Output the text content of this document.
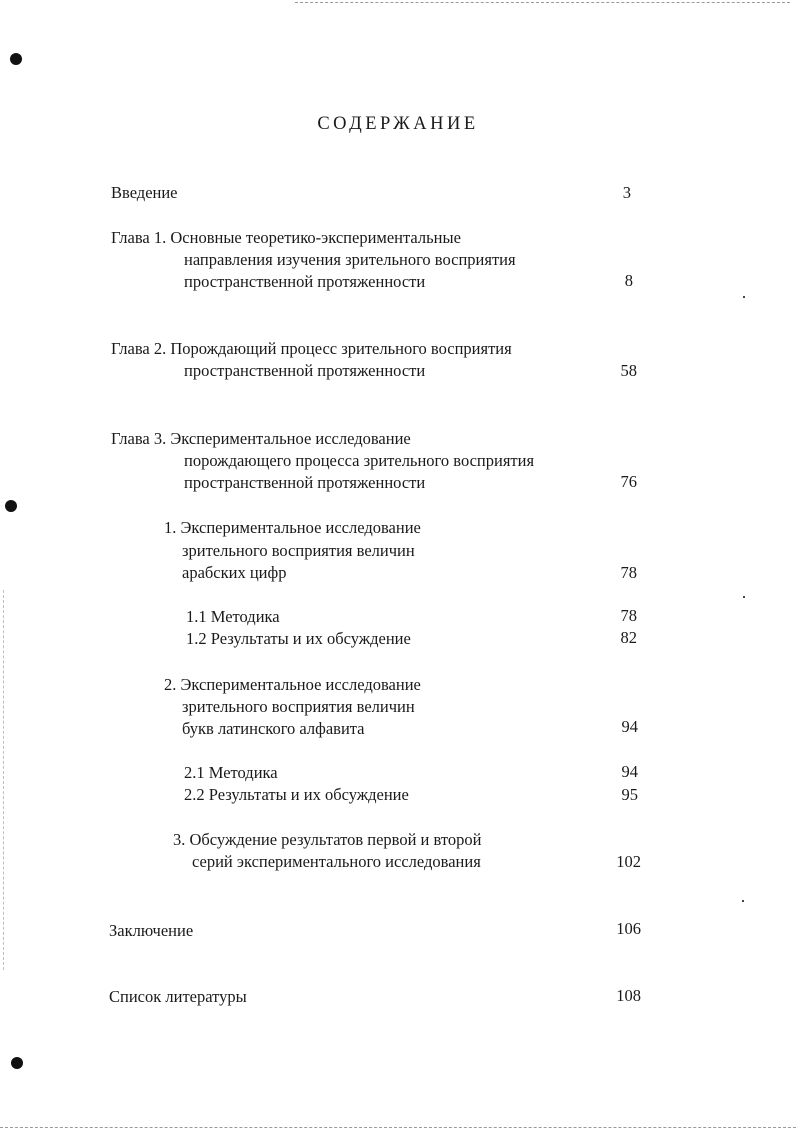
СОДЕРЖАНИЕ
Введение	3
Глава 1. Основные теоретико-экспериментальные
направления изучения зрительного восприятия
пространственной протяженности	8
Глава 2. Порождающий процесс зрительного восприятия
пространственной протяженности	58
Глава 3. Экспериментальное исследование
порождающего процесса зрительного восприятия
пространственной протяженности	76
1. Экспериментальное исследование
зрительного восприятия величин
арабских цифр	78
1.1 Методика	78
1.2 Результаты и их обсуждение	82
2. Экспериментальное исследование
зрительного восприятия величин
букв латинского алфавита	94
2.1 Методика	94
2.2 Результаты и их обсуждение	95
3. Обсуждение результатов первой и второй
серий экспериментального исследования	102
Заключение	106
Список литературы	108
